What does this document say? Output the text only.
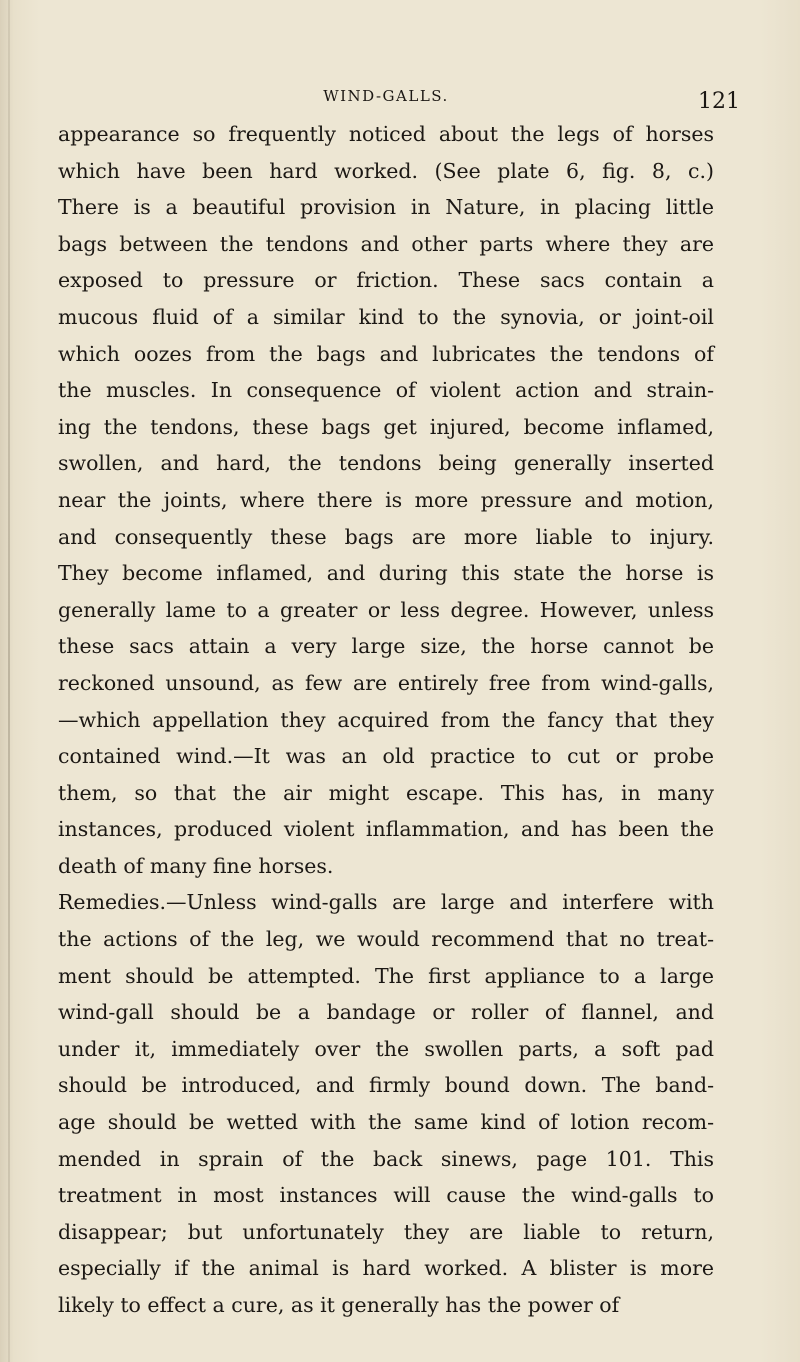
WIND-GALLS.	121
appearance so frequently noticed about the legs of horses
which have been hard worked. (See plate 6, fig. 8, c.)
There is a beautiful provision in Nature, in placing little
bags between the tendons and other parts where they are
exposed to pressure or friction. These sacs contain a
mucous fluid of a similar kind to the synovia, or joint-oil
which oozes from the bags and lubricates the tendons of
the muscles. In consequence of violent action and strain-
ing the tendons, these bags get injured, become inflamed,
swollen, and hard, the tendons being generally inserted
near the joints, where there is more pressure and motion,
and consequently these bags are more liable to injury.
They become inflamed, and during this state the horse is
generally lame to a greater or less degree. However, unless
these sacs attain a very large size, the horse cannot be
reckoned unsound, as few are entirely free from wind-galls,
—which appellation they acquired from the fancy that they
contained wind.—It was an old practice to cut or probe
them, so that the air might escape. This has, in many
instances, produced violent inflammation, and has been the
death of many fine horses.
Remedies.—Unless wind-galls are large and interfere with
the actions of the leg, we would recommend that no treat-
ment should be attempted. The first appliance to a large
wind-gall should be a bandage or roller of flannel, and
under it, immediately over the swollen parts, a soft pad
should be introduced, and firmly bound down. The band-
age should be wetted with the same kind of lotion recom-
mended in sprain of the back sinews, page 101. This
treatment in most instances will cause the wind-galls to
disappear; but unfortunately they are liable to return,
especially if the animal is hard worked. A blister is more
likely to effect a cure, as it generally has the power of
